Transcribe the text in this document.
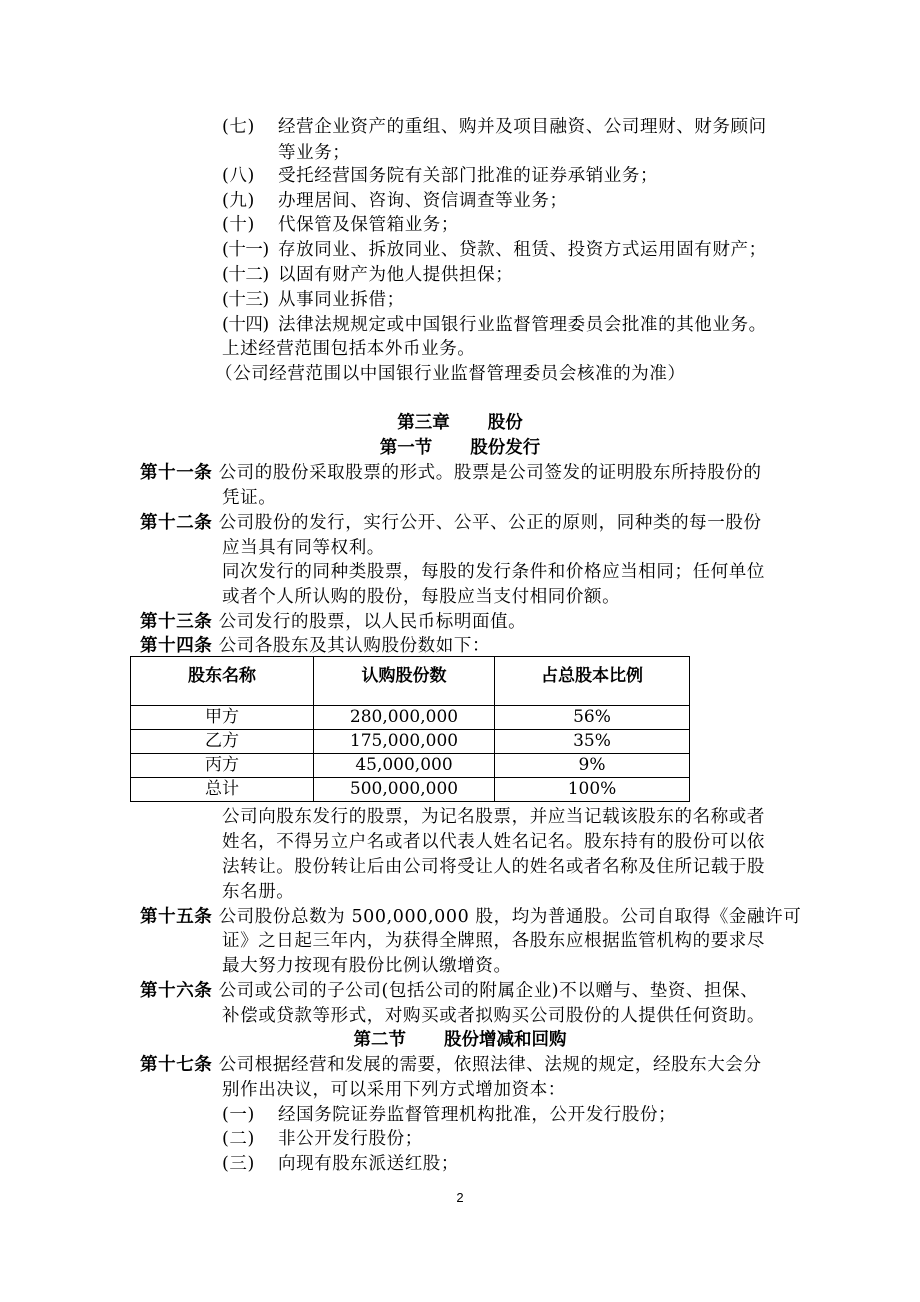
(七) 经营企业资产的重组、购并及项目融资、公司理财、财务顾问
等业务；
(八) 受托经营国务院有关部门批准的证券承销业务；
(九) 办理居间、咨询、资信调查等业务；
(十) 代保管及保管箱业务；
(十一) 存放同业、拆放同业、贷款、租赁、投资方式运用固有财产；
(十二) 以固有财产为他人提供担保；
(十三) 从事同业拆借；
(十四) 法律法规规定或中国银行业监督管理委员会批准的其他业务。
上述经营范围包括本外币业务。
（公司经营范围以中国银行业监督管理委员会核准的为准）
第三章 股份
第一节 股份发行
第十一条 公司的股份采取股票的形式。股票是公司签发的证明股东所持股份的
凭证。
第十二条 公司股份的发行，实行公开、公平、公正的原则，同种类的每一股份
应当具有同等权利。
同次发行的同种类股票，每股的发行条件和价格应当相同；任何单位
或者个人所认购的股份，每股应当支付相同价额。
第十三条 公司发行的股票，以人民币标明面值。
第十四条 公司各股东及其认购股份数如下：
股东名称	认购股份数	占总股本比例
甲方	280,000,000	56%
乙方	175,000,000	35%
丙方	45,000,000	9%
总计	500,000,000	100%
公司向股东发行的股票，为记名股票，并应当记载该股东的名称或者
姓名，不得另立户名或者以代表人姓名记名。股东持有的股份可以依
法转让。股份转让后由公司将受让人的姓名或者名称及住所记载于股
东名册。
第十五条 公司股份总数为 500,000,000 股，均为普通股。公司自取得《金融许可
证》之日起三年内，为获得全牌照，各股东应根据监管机构的要求尽
最大努力按现有股份比例认缴增资。
第十六条 公司或公司的子公司(包括公司的附属企业)不以赠与、垫资、担保、
补偿或贷款等形式，对购买或者拟购买公司股份的人提供任何资助。
第二节 股份增减和回购
第十七条 公司根据经营和发展的需要，依照法律、法规的规定，经股东大会分
别作出决议，可以采用下列方式增加资本：
(一) 经国务院证券监督管理机构批准，公开发行股份；
(二) 非公开发行股份；
(三) 向现有股东派送红股；
2
